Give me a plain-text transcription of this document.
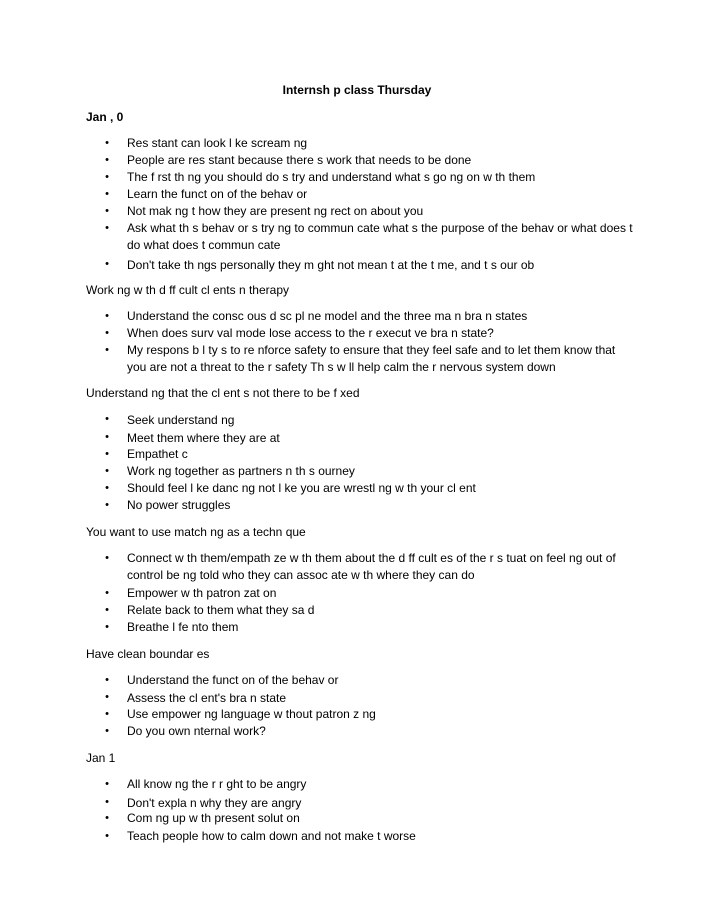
Internsh p class Thursday
Jan , 0
• Res stant can look l ke scream ng
• People are res stant because there s work that needs to be done
• The f rst th ng you should do s try and understand what s go ng on w th them
• Learn the funct on of the behav or
• Not mak ng t how they are present ng rect on about you
• Ask what th s behav or s try ng to commun cate what s the purpose of the behav or what does t do what does t commun cate
• Don't take th ngs personally they m ght not mean t at the t me, and t s our ob
Work ng w th d ff cult cl ents n therapy
• Understand the consc ous d sc pl ne model and the three ma n bra n states
• When does surv val mode lose access to the r execut ve bra n state?
• My respons b l ty s to re nforce safety to ensure that they feel safe and to let them know that you are not a threat to the r safety Th s w ll help calm the r nervous system down
Understand ng that the cl ent s not there to be f xed
• Seek understand ng
• Meet them where they are at
• Empathet c
• Work ng together as partners n th s ourney
• Should feel l ke danc ng not l ke you are wrestl ng w th your cl ent
• No power struggles
You want to use match ng as a techn que
• Connect w th them/empath ze w th them about the d ff cult es of the r s tuat on feel ng out of control be ng told who they can assoc ate w th where they can do
• Empower w th patron zat on
• Relate back to them what they sa d
• Breathe l fe nto them
Have clean boundar es
• Understand the funct on of the behav or
• Assess the cl ent's bra n state
• Use empower ng language w thout patron z ng
• Do you own nternal work?
Jan 1
• All know ng the r r ght to be angry
• Don't expla n why they are angry
• Com ng up w th present solut on
• Teach people how to calm down and not make t worse
